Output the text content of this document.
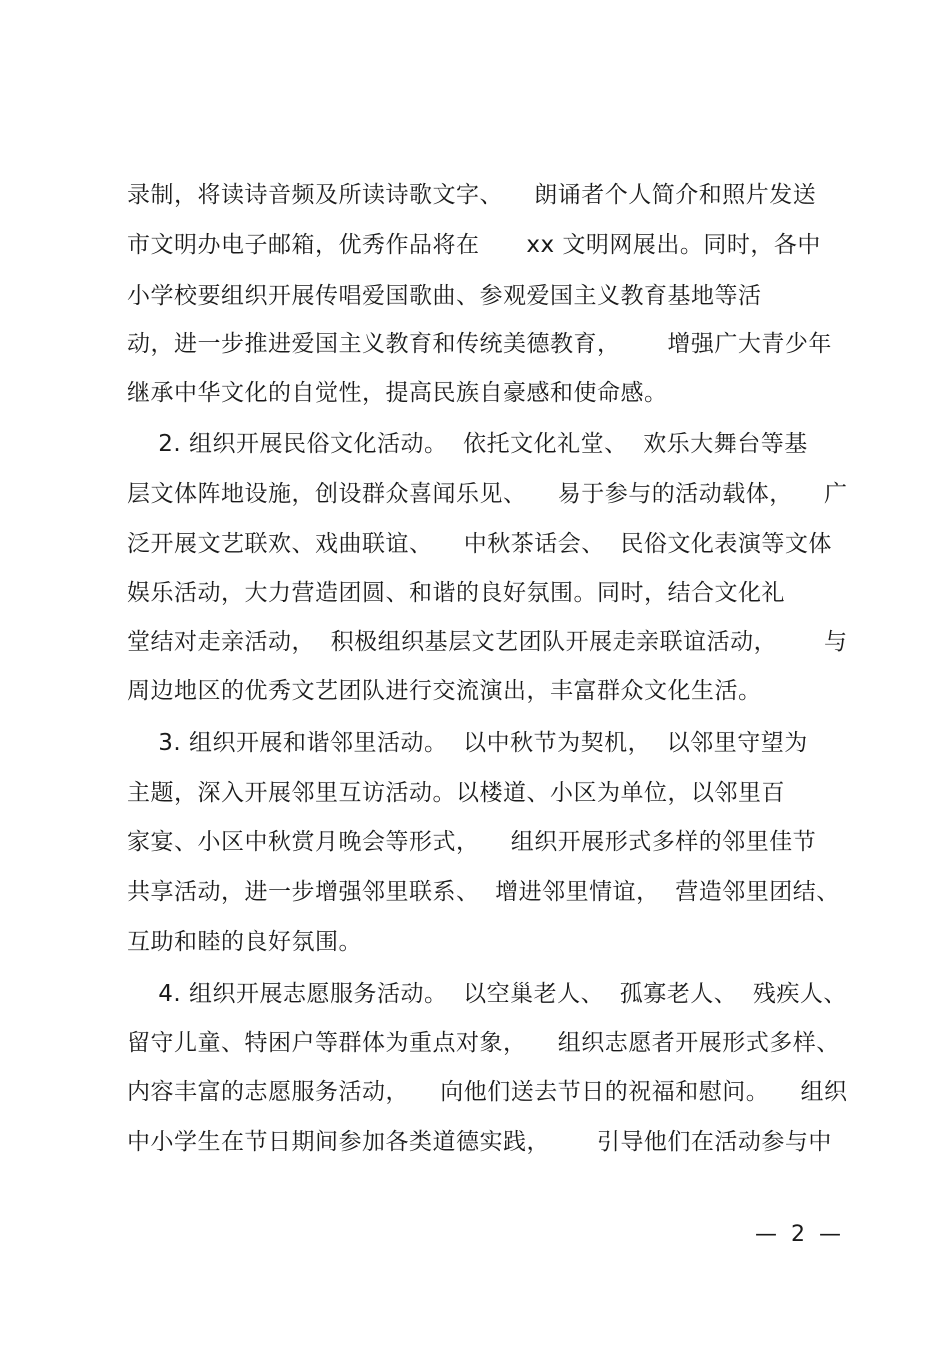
录制，将读诗音频及所读诗歌文字、    朗诵者个人简介和照片发送
市文明办电子邮箱，优秀作品将在      xx 文明网展出。同时，各中
小学校要组织开展传唱爱国歌曲、参观爱国主义教育基地等活
动，进一步推进爱国主义教育和传统美德教育，      增强广大青少年
继承中华文化的自觉性，提高民族自豪感和使命感。
2. 组织开展民俗文化活动。  依托文化礼堂、  欢乐大舞台等基
层文体阵地设施，创设群众喜闻乐见、    易于参与的活动载体，    广
泛开展文艺联欢、戏曲联谊、    中秋茶话会、  民俗文化表演等文体
娱乐活动，大力营造团圆、和谐的良好氛围。同时，结合文化礼
堂结对走亲活动，  积极组织基层文艺团队开展走亲联谊活动，      与
周边地区的优秀文艺团队进行交流演出，丰富群众文化生活。
3. 组织开展和谐邻里活动。  以中秋节为契机，  以邻里守望为
主题，深入开展邻里互访活动。以楼道、小区为单位，以邻里百
家宴、小区中秋赏月晚会等形式，    组织开展形式多样的邻里佳节
共享活动，进一步增强邻里联系、  增进邻里情谊，  营造邻里团结、
互助和睦的良好氛围。
4. 组织开展志愿服务活动。  以空巢老人、  孤寡老人、  残疾人、
留守儿童、特困户等群体为重点对象，    组织志愿者开展形式多样、
内容丰富的志愿服务活动，    向他们送去节日的祝福和慰问。    组织
中小学生在节日期间参加各类道德实践，      引导他们在活动参与中
—  2  —
